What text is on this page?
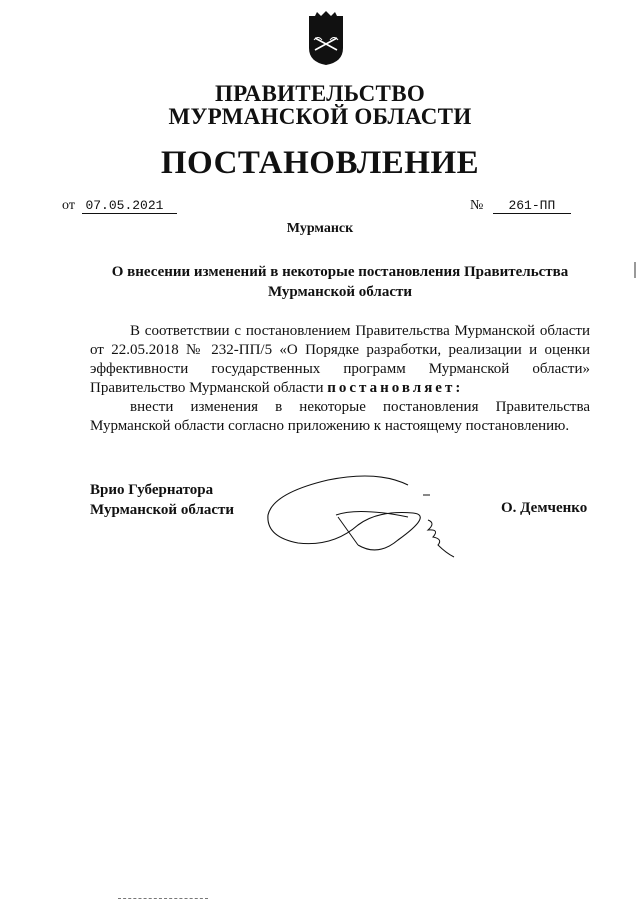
ПРАВИТЕЛЬСТВО
МУРМАНСКОЙ ОБЛАСТИ
ПОСТАНОВЛЕНИЕ
от 07.05.2021	№ 261-ПП
Мурманск
О внесении изменений в некоторые постановления Правительства
Мурманской области

В соответствии с постановлением Правительства Мурманской области от 22.05.2018 № 232-ПП/5 «О Порядке разработки, реализации и оценки эффективности государственных программ Мурманской области» Правительство Мурманской области постановляет:

внести изменения в некоторые постановления Правительства Мурманской области согласно приложению к настоящему постановлению.

Врио Губернатора
Мурманской области	О. Демченко
